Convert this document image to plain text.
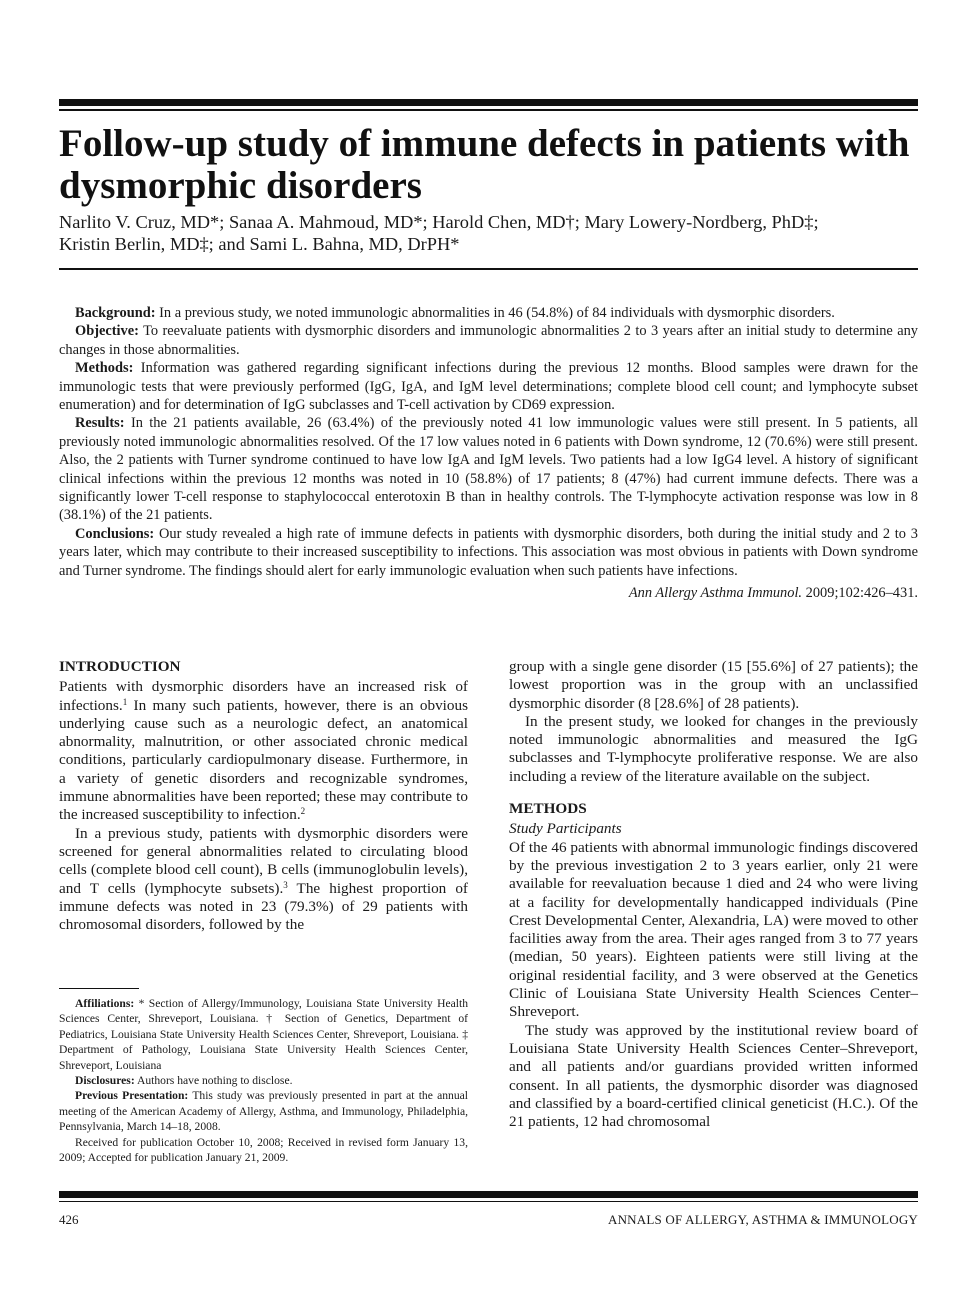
Follow-up study of immune defects in patients with dysmorphic disorders
Narlito V. Cruz, MD*; Sanaa A. Mahmoud, MD*; Harold Chen, MD†; Mary Lowery-Nordberg, PhD‡;
Kristin Berlin, MD‡; and Sami L. Bahna, MD, DrPH*

Background: In a previous study, we noted immunologic abnormalities in 46 (54.8%) of 84 individuals with dysmorphic disorders.

Objective: To reevaluate patients with dysmorphic disorders and immunologic abnormalities 2 to 3 years after an initial study to determine any changes in those abnormalities.

Methods: Information was gathered regarding significant infections during the previous 12 months. Blood samples were drawn for the immunologic tests that were previously performed (IgG, IgA, and IgM level determinations; complete blood cell count; and lymphocyte subset enumeration) and for determination of IgG subclasses and T-cell activation by CD69 expression.

Results: In the 21 patients available, 26 (63.4%) of the previously noted 41 low immunologic values were still present. In 5 patients, all previously noted immunologic abnormalities resolved. Of the 17 low values noted in 6 patients with Down syndrome, 12 (70.6%) were still present. Also, the 2 patients with Turner syndrome continued to have low IgA and IgM levels. Two patients had a low IgG4 level. A history of significant clinical infections within the previous 12 months was noted in 10 (58.8%) of 17 patients; 8 (47%) had current immune defects. There was a significantly lower T-cell response to staphylococcal enterotoxin B than in healthy controls. The T-lymphocyte activation response was low in 8 (38.1%) of the 21 patients.

Conclusions: Our study revealed a high rate of immune defects in patients with dysmorphic disorders, both during the initial study and 2 to 3 years later, which may contribute to their increased susceptibility to infections. This association was most obvious in patients with Down syndrome and Turner syndrome. The findings should alert for early immunologic evaluation when such patients have infections.

Ann Allergy Asthma Immunol. 2009;102:426–431.

INTRODUCTION

Patients with dysmorphic disorders have an increased risk of infections.$^1$ In many such patients, however, there is an obvious underlying cause such as a neurologic defect, an anatomical abnormality, malnutrition, or other associated chronic medical conditions, particularly cardiopulmonary disease. Furthermore, in a variety of genetic disorders and recognizable syndromes, immune abnormalities have been reported; these may contribute to the increased susceptibility to infection.$^2$

In a previous study, patients with dysmorphic disorders were screened for general abnormalities related to circulating blood cells (complete blood cell count), B cells (immunoglobulin levels), and T cells (lymphocyte subsets).$^3$ The highest proportion of immune defects was noted in 23 (79.3%) of 29 patients with chromosomal disorders, followed by the

Affiliations: * Section of Allergy/Immunology, Louisiana State University Health Sciences Center, Shreveport, Louisiana. † Section of Genetics, Department of Pediatrics, Louisiana State University Health Sciences Center, Shreveport, Louisiana. ‡ Department of Pathology, Louisiana State University Health Sciences Center, Shreveport, Louisiana

Disclosures: Authors have nothing to disclose.

Previous Presentation: This study was previously presented in part at the annual meeting of the American Academy of Allergy, Asthma, and Immunology, Philadelphia, Pennsylvania, March 14–18, 2008.

Received for publication October 10, 2008; Received in revised form January 13, 2009; Accepted for publication January 21, 2009.

group with a single gene disorder (15 [55.6%] of 27 patients); the lowest proportion was in the group with an unclassified dysmorphic disorder (8 [28.6%] of 28 patients).

In the present study, we looked for changes in the previously noted immunologic abnormalities and measured the IgG subclasses and T-lymphocyte proliferative response. We are also including a review of the literature available on the subject.

METHODS
Study Participants

Of the 46 patients with abnormal immunologic findings discovered by the previous investigation 2 to 3 years earlier, only 21 were available for reevaluation because 1 died and 24 who were living at a facility for developmentally handicapped individuals (Pine Crest Developmental Center, Alexandria, LA) were moved to other facilities away from the area. Their ages ranged from 3 to 77 years (median, 50 years). Eighteen patients were still living at the original residential facility, and 3 were observed at the Genetics Clinic of Louisiana State University Health Sciences Center–Shreveport.

The study was approved by the institutional review board of Louisiana State University Health Sciences Center–Shreveport, and all patients and/or guardians provided written informed consent. In all patients, the dysmorphic disorder was diagnosed and classified by a board-certified clinical geneticist (H.C.). Of the 21 patients, 12 had chromosomal

426	ANNALS OF ALLERGY, ASTHMA & IMMUNOLOGY
